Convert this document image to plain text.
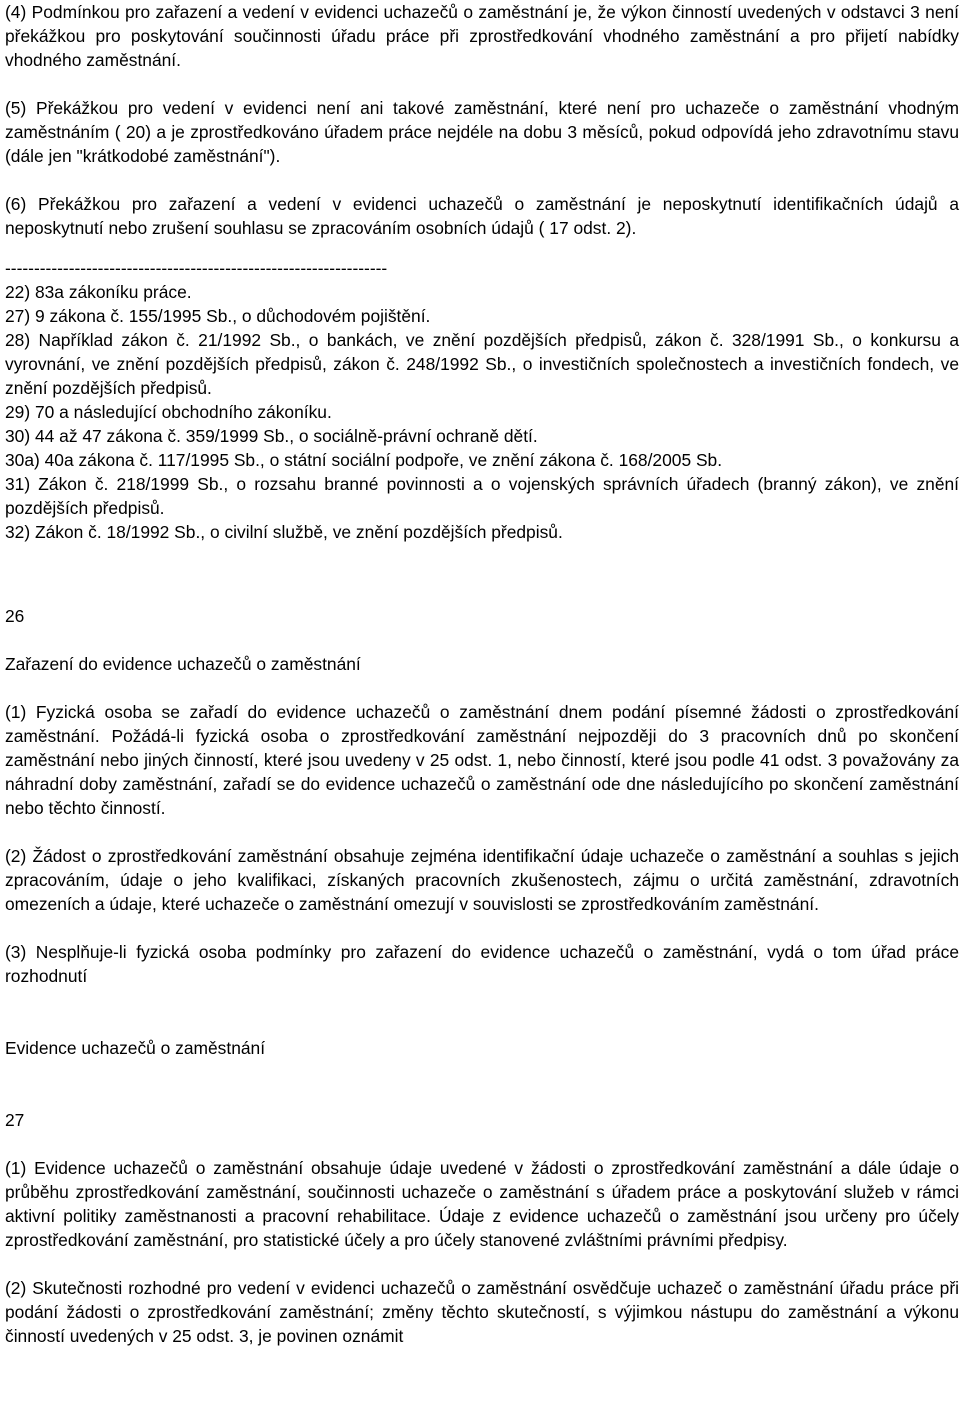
(4) Podmínkou pro zařazení a vedení v evidenci uchazečů o zaměstnání je, že výkon činností uvedených v odstavci 3 není překážkou pro poskytování součinnosti úřadu práce při zprostředkování vhodného zaměstnání a pro přijetí nabídky vhodného zaměstnání.

(5) Překážkou pro vedení v evidenci není ani takové zaměstnání, které není pro uchazeče o zaměstnání vhodným zaměstnáním ( 20) a je zprostředkováno úřadem práce nejdéle na dobu 3 měsíců, pokud odpovídá jeho zdravotnímu stavu (dále jen "krátkodobé zaměstnání").

(6) Překážkou pro zařazení a vedení v evidenci uchazečů o zaměstnání je neposkytnutí identifikačních údajů a neposkytnutí nebo zrušení souhlasu se zpracováním osobních údajů ( 17 odst. 2).

------------------------------------------------------------------

22) 83a zákoníku práce.

27) 9 zákona č. 155/1995 Sb., o důchodovém pojištění.

28) Například zákon č. 21/1992 Sb., o bankách, ve znění pozdějších předpisů, zákon č. 328/1991 Sb., o konkursu a vyrovnání, ve znění pozdějších předpisů, zákon č. 248/1992 Sb., o investičních společnostech a investičních fondech, ve znění pozdějších předpisů.

29) 70 a následující obchodního zákoníku.

30) 44 až 47 zákona č. 359/1999 Sb., o sociálně-právní ochraně dětí.

30a) 40a zákona č. 117/1995 Sb., o státní sociální podpoře, ve znění zákona č. 168/2005 Sb.

31) Zákon č. 218/1999 Sb., o rozsahu branné povinnosti a o vojenských správních úřadech (branný zákon), ve znění pozdějších předpisů.

32) Zákon č. 18/1992 Sb., o civilní službě, ve znění pozdějších předpisů.

26

Zařazení do evidence uchazečů o zaměstnání

(1) Fyzická osoba se zařadí do evidence uchazečů o zaměstnání dnem podání písemné žádosti o zprostředkování zaměstnání. Požádá-li fyzická osoba o zprostředkování zaměstnání nejpozději do 3 pracovních dnů po skončení zaměstnání nebo jiných činností, které jsou uvedeny v 25 odst. 1, nebo činností, které jsou podle 41 odst. 3 považovány za náhradní doby zaměstnání, zařadí se do evidence uchazečů o zaměstnání ode dne následujícího po skončení zaměstnání nebo těchto činností.

(2) Žádost o zprostředkování zaměstnání obsahuje zejména identifikační údaje uchazeče o zaměstnání a souhlas s jejich zpracováním, údaje o jeho kvalifikaci, získaných pracovních zkušenostech, zájmu o určitá zaměstnání, zdravotních omezeních a údaje, které uchazeče o zaměstnání omezují v souvislosti se zprostředkováním zaměstnání.

(3) Nesplňuje-li fyzická osoba podmínky pro zařazení do evidence uchazečů o zaměstnání, vydá o tom úřad práce rozhodnutí

Evidence uchazečů o zaměstnání

27

(1) Evidence uchazečů o zaměstnání obsahuje údaje uvedené v žádosti o zprostředkování zaměstnání a dále údaje o průběhu zprostředkování zaměstnání, součinnosti uchazeče o zaměstnání s úřadem práce a poskytování služeb v rámci aktivní politiky zaměstnanosti a pracovní rehabilitace. Údaje z evidence uchazečů o zaměstnání jsou určeny pro účely zprostředkování zaměstnání, pro statistické účely a pro účely stanovené zvláštními právními předpisy.

(2) Skutečnosti rozhodné pro vedení v evidenci uchazečů o zaměstnání osvědčuje uchazeč o zaměstnání úřadu práce při podání žádosti o zprostředkování zaměstnání; změny těchto skutečností, s výjimkou nástupu do zaměstnání a výkonu činností uvedených v 25 odst. 3, je povinen oznámit
